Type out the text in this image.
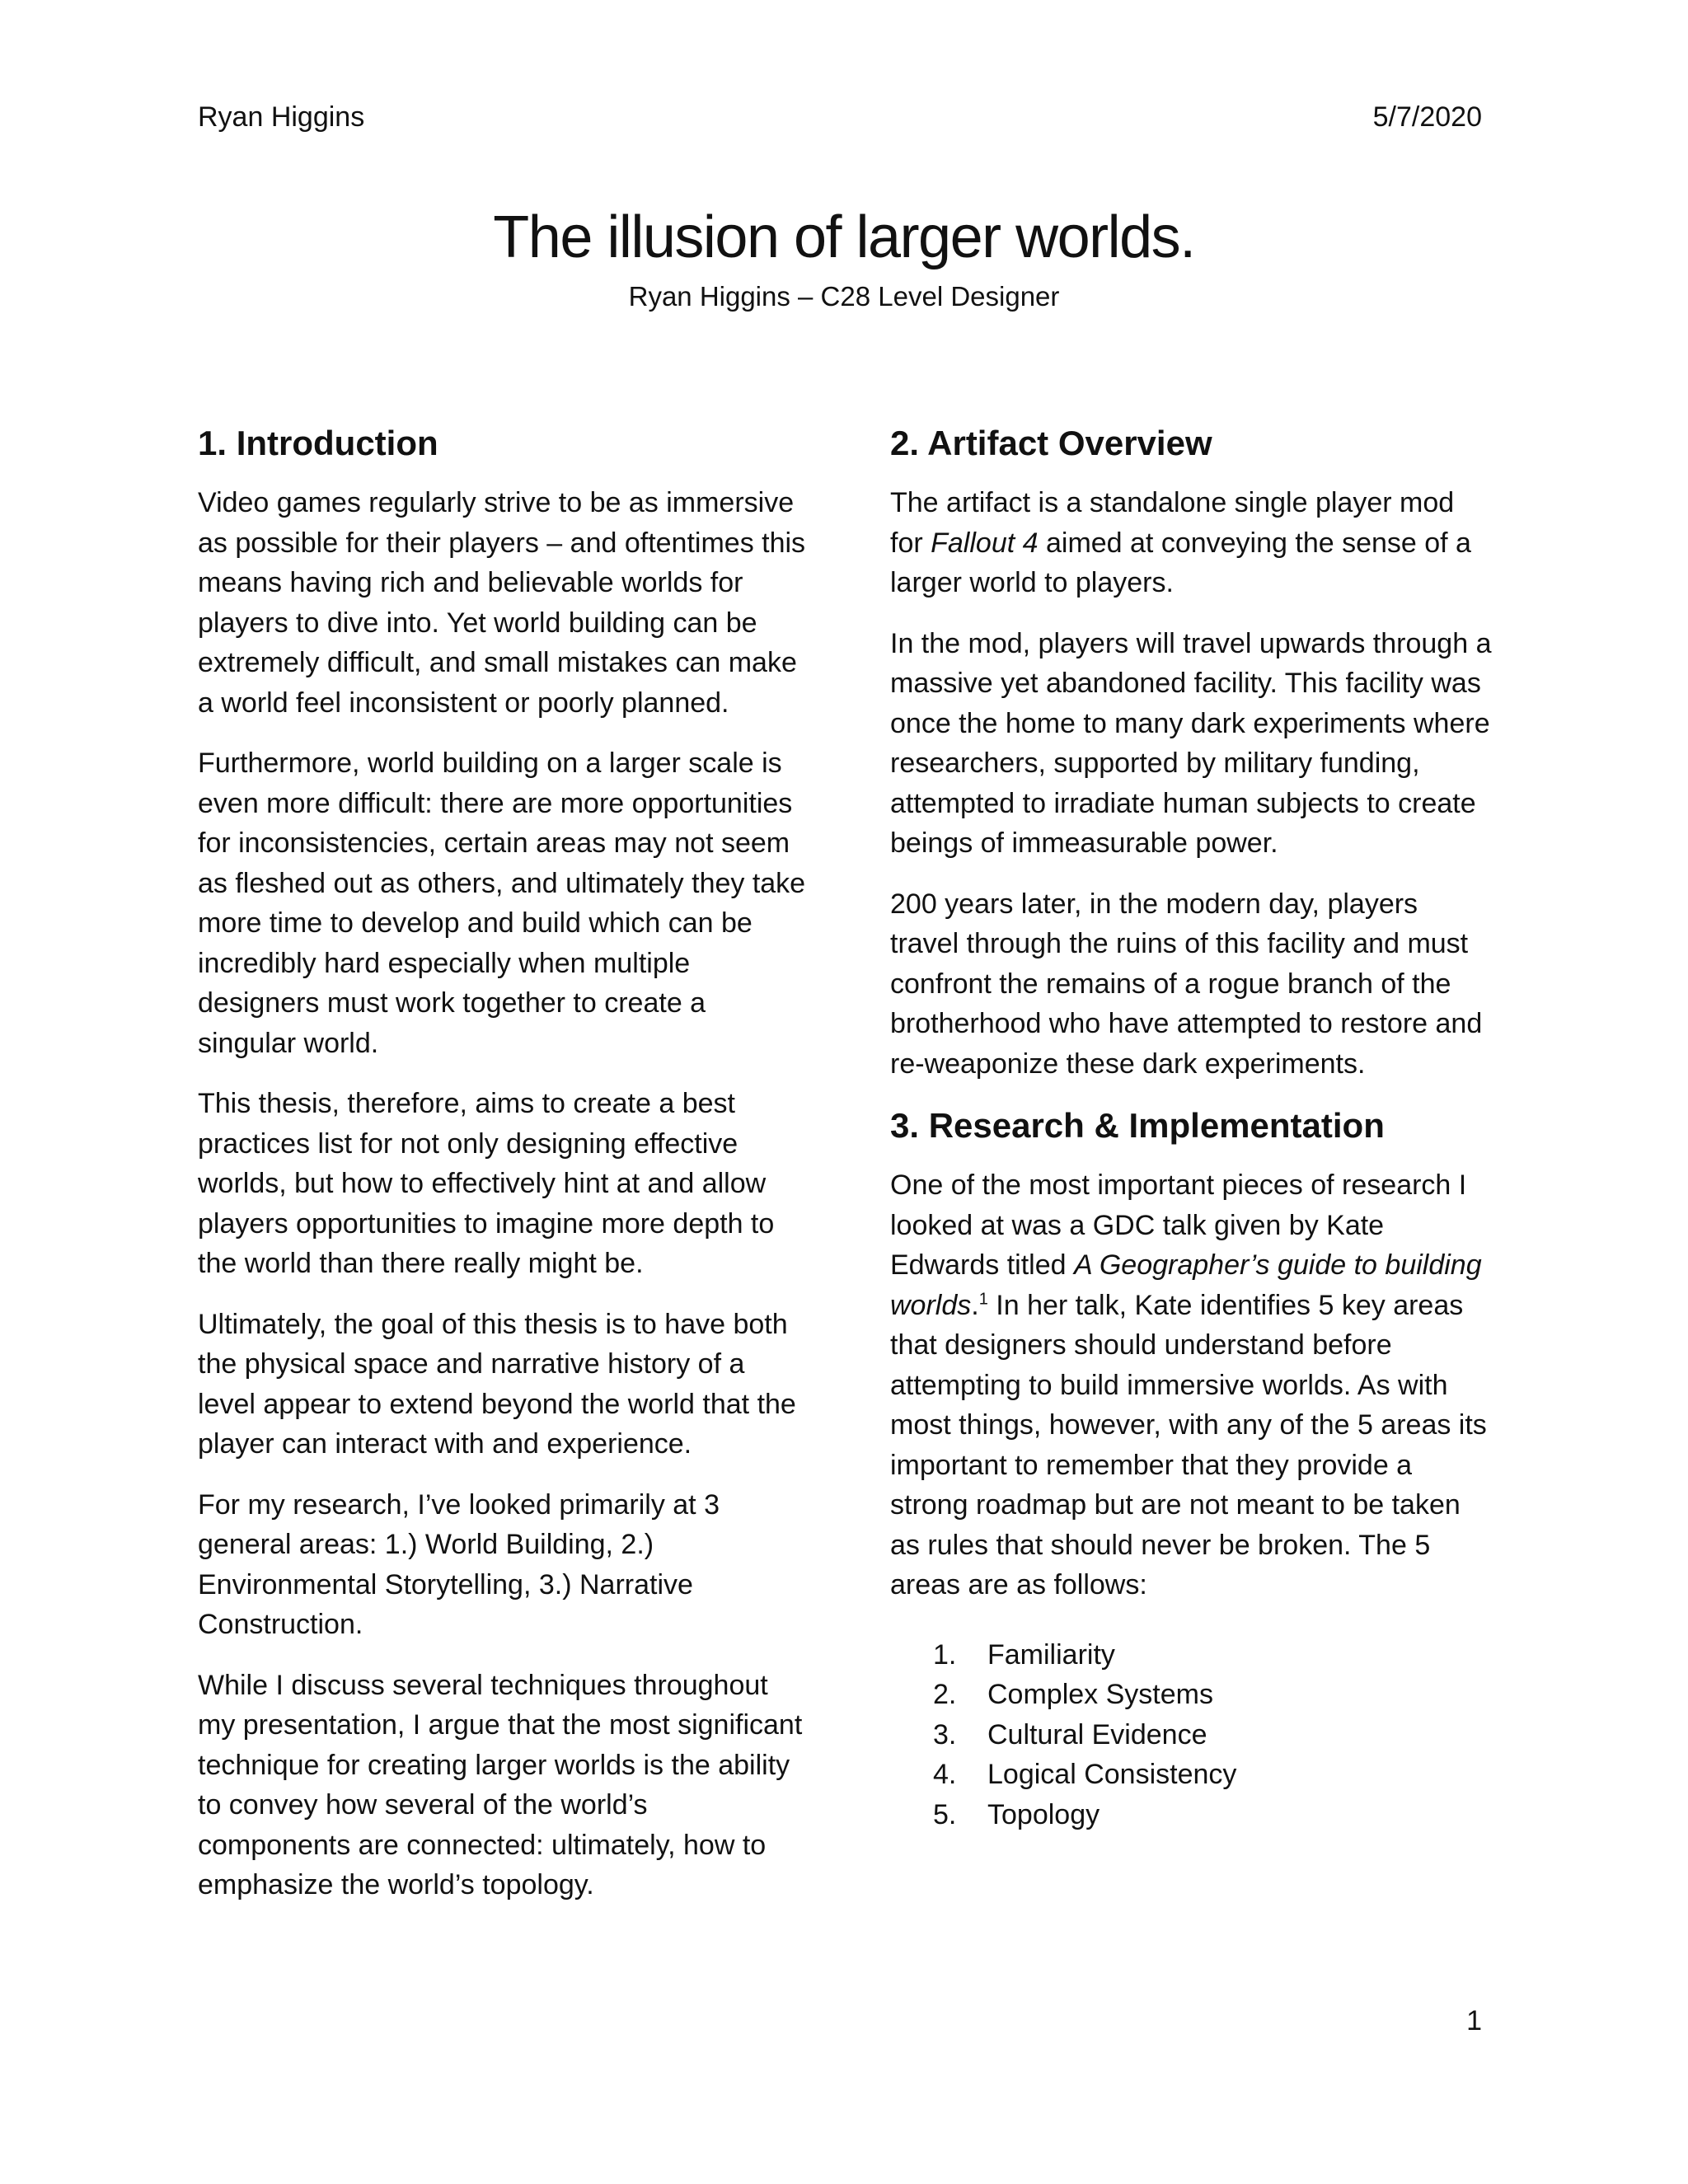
Ryan Higgins	5/7/2020
The illusion of larger worlds.
Ryan Higgins – C28 Level Designer
1. Introduction

Video games regularly strive to be as immersive as possible for their players – and oftentimes this means having rich and believable worlds for players to dive into. Yet world building can be extremely difficult, and small mistakes can make a world feel inconsistent or poorly planned.

Furthermore, world building on a larger scale is even more difficult: there are more opportunities for inconsistencies, certain areas may not seem as fleshed out as others, and ultimately they take more time to develop and build which can be incredibly hard especially when multiple designers must work together to create a singular world.

This thesis, therefore, aims to create a best practices list for not only designing effective worlds, but how to effectively hint at and allow players opportunities to imagine more depth to the world than there really might be.

Ultimately, the goal of this thesis is to have both the physical space and narrative history of a level appear to extend beyond the world that the player can interact with and experience.

For my research, I’ve looked primarily at 3 general areas: 1.) World Building, 2.) Environmental Storytelling, 3.) Narrative Construction.

While I discuss several techniques throughout my presentation, I argue that the most significant technique for creating larger worlds is the ability to convey how several of the world’s components are connected: ultimately, how to emphasize the world’s topology.

2. Artifact Overview

The artifact is a standalone single player mod for Fallout 4 aimed at conveying the sense of a larger world to players.

In the mod, players will travel upwards through a massive yet abandoned facility. This facility was once the home to many dark experiments where researchers, supported by military funding, attempted to irradiate human subjects to create beings of immeasurable power.

200 years later, in the modern day, players travel through the ruins of this facility and must confront the remains of a rogue branch of the brotherhood who have attempted to restore and re-weaponize these dark experiments.

3. Research & Implementation

One of the most important pieces of research I looked at was a GDC talk given by Kate Edwards titled A Geographer’s guide to building worlds.$^1$ In her talk, Kate identifies 5 key areas that designers should understand before attempting to build immersive worlds. As with most things, however, with any of the 5 areas its important to remember that they provide a strong roadmap but are not meant to be taken as rules that should never be broken. The 5 areas are as follows:

1.	Familiarity
2.	Complex Systems
3.	Cultural Evidence
4.	Logical Consistency
5.	Topology
1
